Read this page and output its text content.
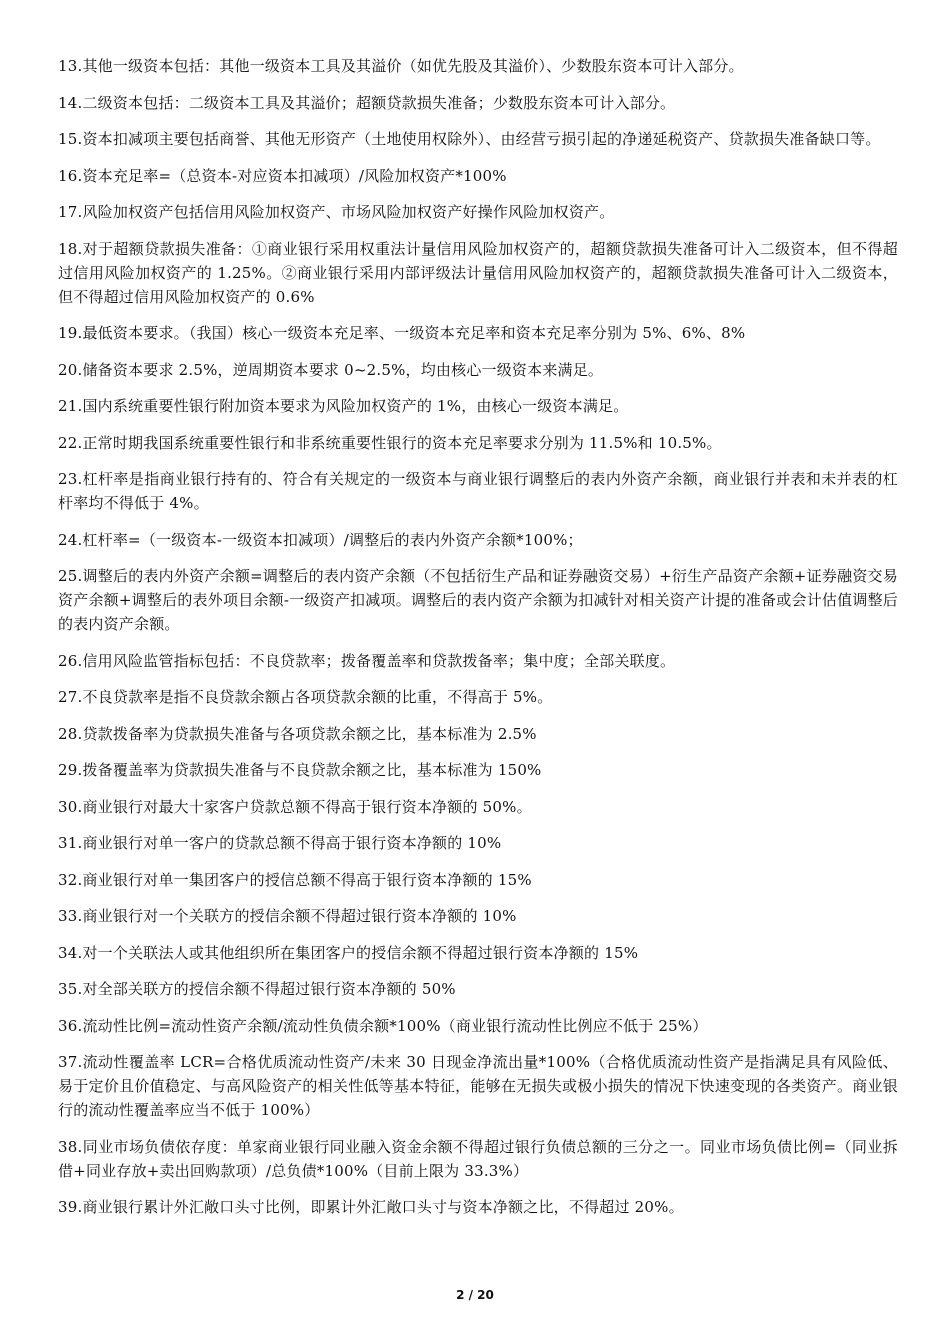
13.其他一级资本包括：其他一级资本工具及其溢价（如优先股及其溢价）、少数股东资本可计入部分。

14.二级资本包括：二级资本工具及其溢价；超额贷款损失准备；少数股东资本可计入部分。

15.资本扣减项主要包括商誉、其他无形资产（土地使用权除外）、由经营亏损引起的净递延税资产、贷款损失准备缺口等。

16.资本充足率=（总资本-对应资本扣减项）/风险加权资产*100%

17.风险加权资产包括信用风险加权资产、市场风险加权资产好操作风险加权资产。

18.对于超额贷款损失准备：①商业银行采用权重法计量信用风险加权资产的，超额贷款损失准备可计入二级资本，但不得超过信用风险加权资产的 1.25%。②商业银行采用内部评级法计量信用风险加权资产的，超额贷款损失准备可计入二级资本，但不得超过信用风险加权资产的 0.6%

19.最低资本要求。（我国）核心一级资本充足率、一级资本充足率和资本充足率分别为 5%、6%、8%

20.储备资本要求 2.5%，逆周期资本要求 0~2.5%，均由核心一级资本来满足。

21.国内系统重要性银行附加资本要求为风险加权资产的 1%，由核心一级资本满足。

22.正常时期我国系统重要性银行和非系统重要性银行的资本充足率要求分别为 11.5%和 10.5%。

23.杠杆率是指商业银行持有的、符合有关规定的一级资本与商业银行调整后的表内外资产余额，商业银行并表和未并表的杠杆率均不得低于 4%。

24.杠杆率=（一级资本-一级资本扣减项）/调整后的表内外资产余额*100%；

25.调整后的表内外资产余额=调整后的表内资产余额（不包括衍生产品和证券融资交易）+衍生产品资产余额+证券融资交易资产余额+调整后的表外项目余额-一级资产扣减项。调整后的表内资产余额为扣减针对相关资产计提的准备或会计估值调整后的表内资产余额。

26.信用风险监管指标包括：不良贷款率；拨备覆盖率和贷款拨备率；集中度；全部关联度。

27.不良贷款率是指不良贷款余额占各项贷款余额的比重，不得高于 5%。

28.贷款拨备率为贷款损失准备与各项贷款余额之比，基本标准为 2.5%

29.拨备覆盖率为贷款损失准备与不良贷款余额之比，基本标准为 150%

30.商业银行对最大十家客户贷款总额不得高于银行资本净额的 50%。

31.商业银行对单一客户的贷款总额不得高于银行资本净额的 10%

32.商业银行对单一集团客户的授信总额不得高于银行资本净额的 15%

33.商业银行对一个关联方的授信余额不得超过银行资本净额的 10%

34.对一个关联法人或其他组织所在集团客户的授信余额不得超过银行资本净额的 15%

35.对全部关联方的授信余额不得超过银行资本净额的 50%

36.流动性比例=流动性资产余额/流动性负债余额*100%（商业银行流动性比例应不低于 25%）

37.流动性覆盖率 LCR=合格优质流动性资产/未来 30 日现金净流出量*100%（合格优质流动性资产是指满足具有风险低、易于定价且价值稳定、与高风险资产的相关性低等基本特征，能够在无损失或极小损失的情况下快速变现的各类资产。商业银行的流动性覆盖率应当不低于 100%）

38.同业市场负债依存度：单家商业银行同业融入资金余额不得超过银行负债总额的三分之一。同业市场负债比例=（同业拆借+同业存放+卖出回购款项）/总负债*100%（目前上限为 33.3%）

39.商业银行累计外汇敞口头寸比例，即累计外汇敞口头寸与资本净额之比，不得超过 20%。

2 / 20
